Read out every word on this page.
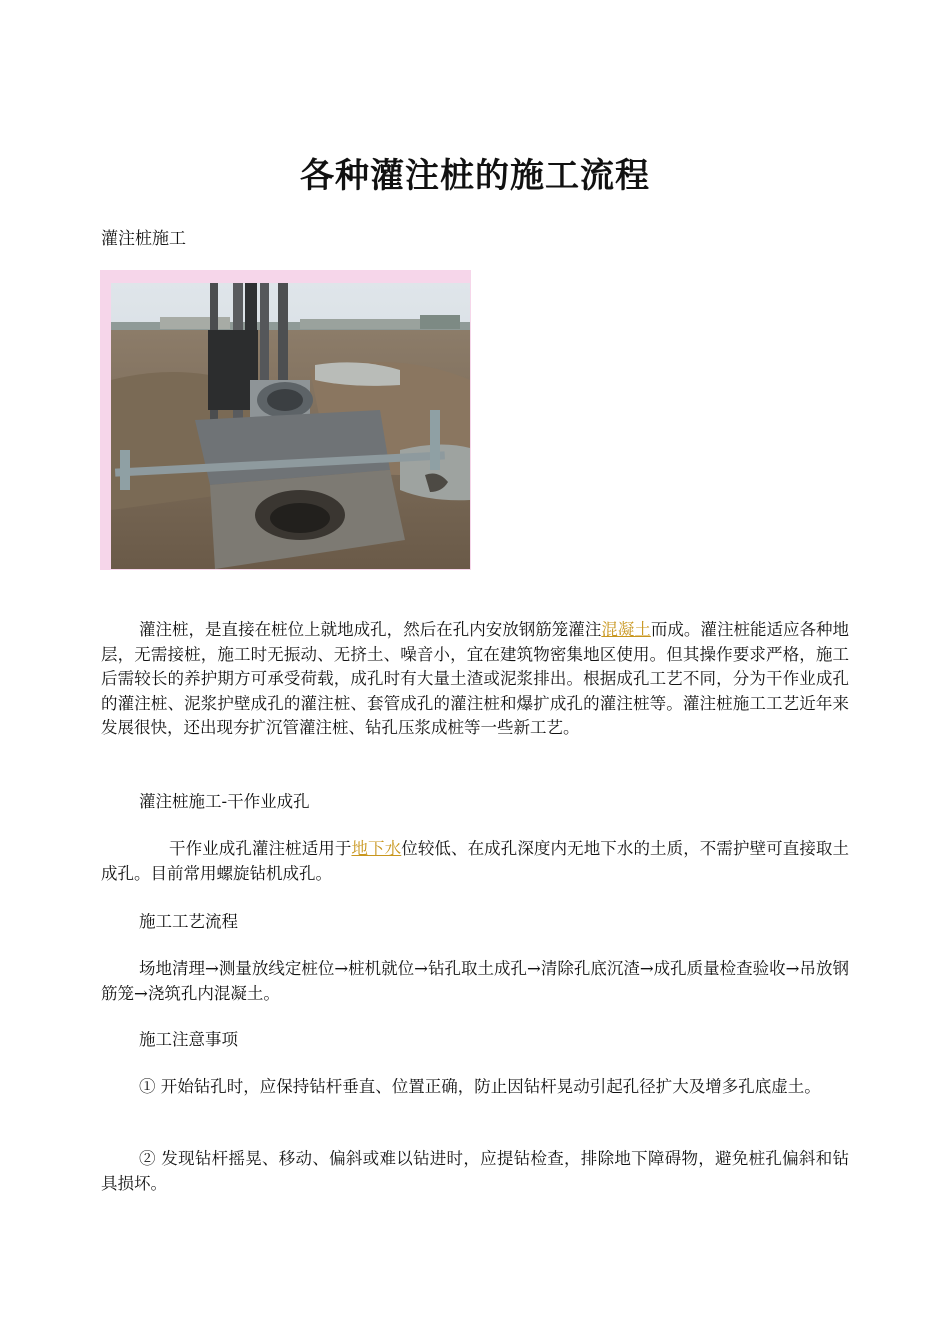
各种灌注桩的施工流程
灌注桩施工

灌注桩，是直接在桩位上就地成孔，然后在孔内安放钢筋笼灌注混凝土而成。灌注桩能适应各种地层，无需接桩，施工时无振动、无挤土、噪音小，宜在建筑物密集地区使用。但其操作要求严格，施工后需较长的养护期方可承受荷载，成孔时有大量土渣或泥浆排出。根据成孔工艺不同，分为干作业成孔的灌注桩、泥浆护壁成孔的灌注桩、套管成孔的灌注桩和爆扩成孔的灌注桩等。灌注桩施工工艺近年来发展很快，还出现夯扩沉管灌注桩、钻孔压浆成桩等一些新工艺。

灌注桩施工-干作业成孔

干作业成孔灌注桩适用于地下水位较低、在成孔深度内无地下水的土质，不需护壁可直接取土成孔。目前常用螺旋钻机成孔。

施工工艺流程

场地清理→测量放线定桩位→桩机就位→钻孔取土成孔→清除孔底沉渣→成孔质量检查验收→吊放钢筋笼→浇筑孔内混凝土。

施工注意事项

① 开始钻孔时，应保持钻杆垂直、位置正确，防止因钻杆晃动引起孔径扩大及增多孔底虚土。

② 发现钻杆摇晃、移动、偏斜或难以钻进时，应提钻检查，排除地下障碍物，避免桩孔偏斜和钻具损坏。
